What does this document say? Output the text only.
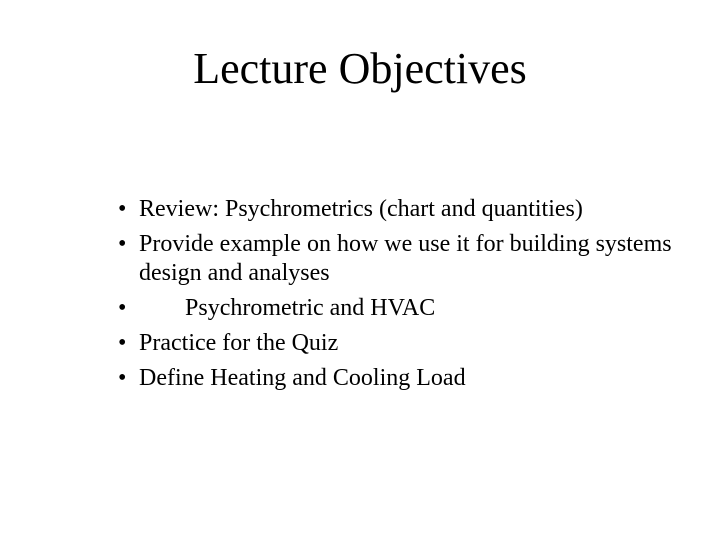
Lecture Objectives
• Review: Psychrometrics (chart and quantities)
• Provide example on how we use it for building systems design and analyses
•	Psychrometric and HVAC
• Practice for the Quiz
• Define Heating and Cooling Load
